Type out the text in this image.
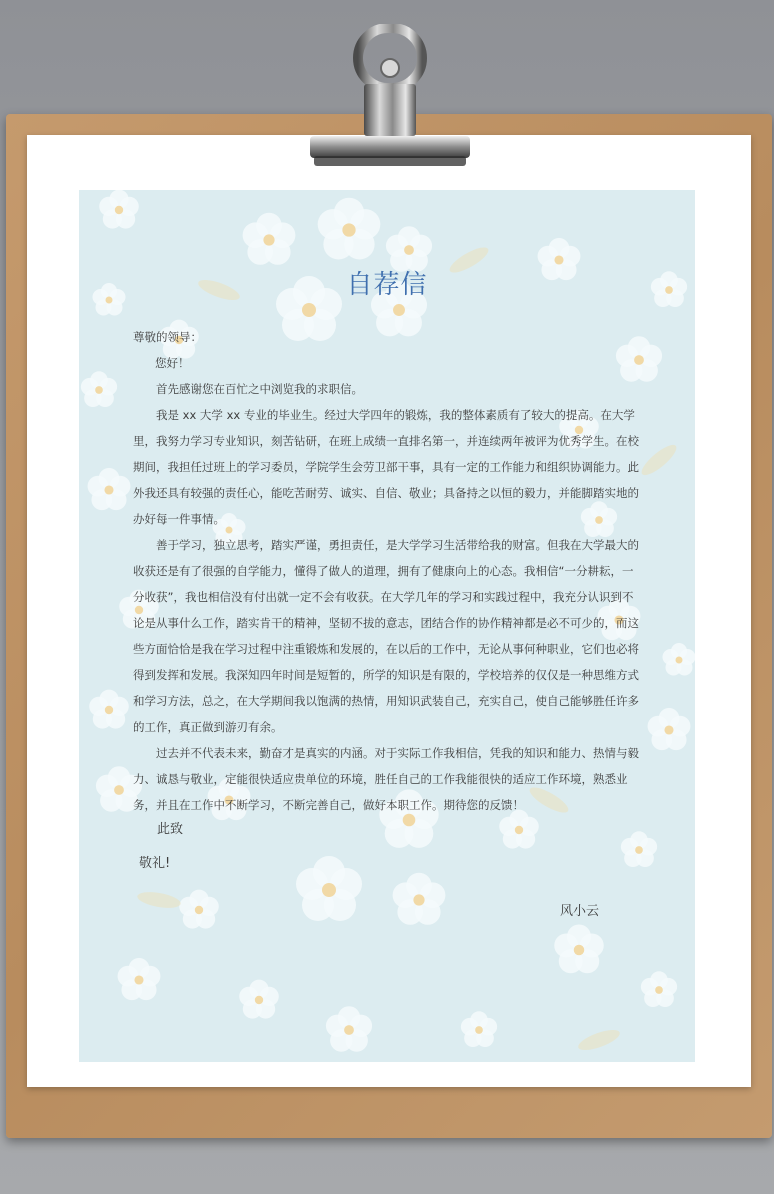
自荐信

尊敬的领导：

您好！

首先感谢您在百忙之中浏览我的求职信。

我是 xx 大学 xx 专业的毕业生。经过大学四年的锻炼，我的整体素质有了较大的提高。在大学里，我努力学习专业知识，刻苦钻研，在班上成绩一直排名第一，并连续两年被评为优秀学生。在校期间，我担任过班上的学习委员，学院学生会劳卫部干事，具有一定的工作能力和组织协调能力。此外我还具有较强的责任心，能吃苦耐劳、诚实、自信、敬业；具备持之以恒的毅力，并能脚踏实地的办好每一件事情。

善于学习，独立思考，踏实严谨，勇担责任，是大学学习生活带给我的财富。但我在大学最大的收获还是有了很强的自学能力，懂得了做人的道理，拥有了健康向上的心态。我相信“一分耕耘，一分收获”，我也相信没有付出就一定不会有收获。在大学几年的学习和实践过程中，我充分认识到不论是从事什么工作，踏实肯干的精神，坚韧不拔的意志，团结合作的协作精神都是必不可少的，而这些方面恰恰是我在学习过程中注重锻炼和发展的，在以后的工作中，无论从事何种职业，它们也必将得到发挥和发展。我深知四年时间是短暂的，所学的知识是有限的，学校培养的仅仅是一种思维方式和学习方法，总之，在大学期间我以饱满的热情，用知识武装自己，充实自己，使自己能够胜任许多的工作，真正做到游刃有余。

过去并不代表未来，勤奋才是真实的内涵。对于实际工作我相信，凭我的知识和能力、热情与毅力、诚恳与敬业，定能很快适应贵单位的环境，胜任自己的工作我能很快的适应工作环境，熟悉业务，并且在工作中不断学习，不断完善自己，做好本职工作。期待您的反馈！

此致
敬礼!
风小云
